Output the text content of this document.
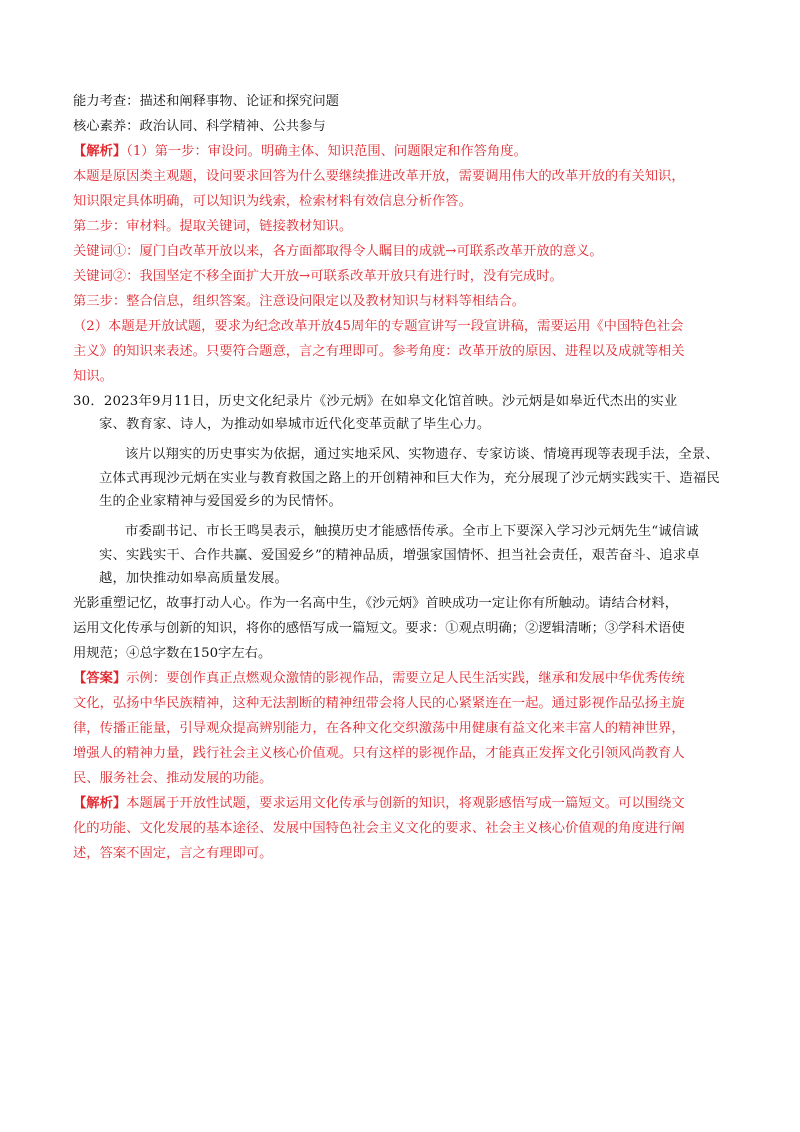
能力考查：描述和阐释事物、论证和探究问题
核心素养：政治认同、科学精神、公共参与
【解析】（1）第一步：审设问。明确主体、知识范围、问题限定和作答角度。
本题是原因类主观题，设问要求回答为什么要继续推进改革开放，需要调用伟大的改革开放的有关知识，
知识限定具体明确，可以知识为线索，检索材料有效信息分析作答。
第二步：审材料。提取关键词，链接教材知识。
关键词①：厦门自改革开放以来，各方面都取得令人瞩目的成就→可联系改革开放的意义。
关键词②：我国坚定不移全面扩大开放→可联系改革开放只有进行时，没有完成时。
第三步：整合信息，组织答案。注意设问限定以及教材知识与材料等相结合。
（2）本题是开放试题，要求为纪念改革开放45周年的专题宣讲写一段宣讲稿，需要运用《中国特色社会
主义》的知识来表述。只要符合题意，言之有理即可。参考角度：改革开放的原因、进程以及成就等相关
知识。
30．2023年9月11日，历史文化纪录片《沙元炳》在如皋文化馆首映。沙元炳是如皋近代杰出的实业
家、教育家、诗人，为推动如皋城市近代化变革贡献了毕生心力。
该片以翔实的历史事实为依据，通过实地采风、实物遗存、专家访谈、情境再现等表现手法，全景、
立体式再现沙元炳在实业与教育救国之路上的开创精神和巨大作为，充分展现了沙元炳实践实干、造福民
生的企业家精神与爱国爱乡的为民情怀。
市委副书记、市长王鸣昊表示，触摸历史才能感悟传承。全市上下要深入学习沙元炳先生“诚信诚
实、实践实干、合作共赢、爱国爱乡”的精神品质，增强家国情怀、担当社会责任，艰苦奋斗、追求卓
越，加快推动如皋高质量发展。
光影重塑记忆，故事打动人心。作为一名高中生，《沙元炳》首映成功一定让你有所触动。请结合材料，
运用文化传承与创新的知识，将你的感悟写成一篇短文。要求：①观点明确；②逻辑清晰；③学科术语使
用规范；④总字数在150字左右。
【答案】示例：要创作真正点燃观众激情的影视作品，需要立足人民生活实践，继承和发展中华优秀传统
文化，弘扬中华民族精神，这种无法割断的精神纽带会将人民的心紧紧连在一起。通过影视作品弘扬主旋
律，传播正能量，引导观众提高辨别能力，在各种文化交织激荡中用健康有益文化来丰富人的精神世界，
增强人的精神力量，践行社会主义核心价值观。只有这样的影视作品，才能真正发挥文化引领风尚教育人
民、服务社会、推动发展的功能。
【解析】本题属于开放性试题，要求运用文化传承与创新的知识，将观影感悟写成一篇短文。可以围绕文
化的功能、文化发展的基本途径、发展中国特色社会主义文化的要求、社会主义核心价值观的角度进行阐
述，答案不固定，言之有理即可。
